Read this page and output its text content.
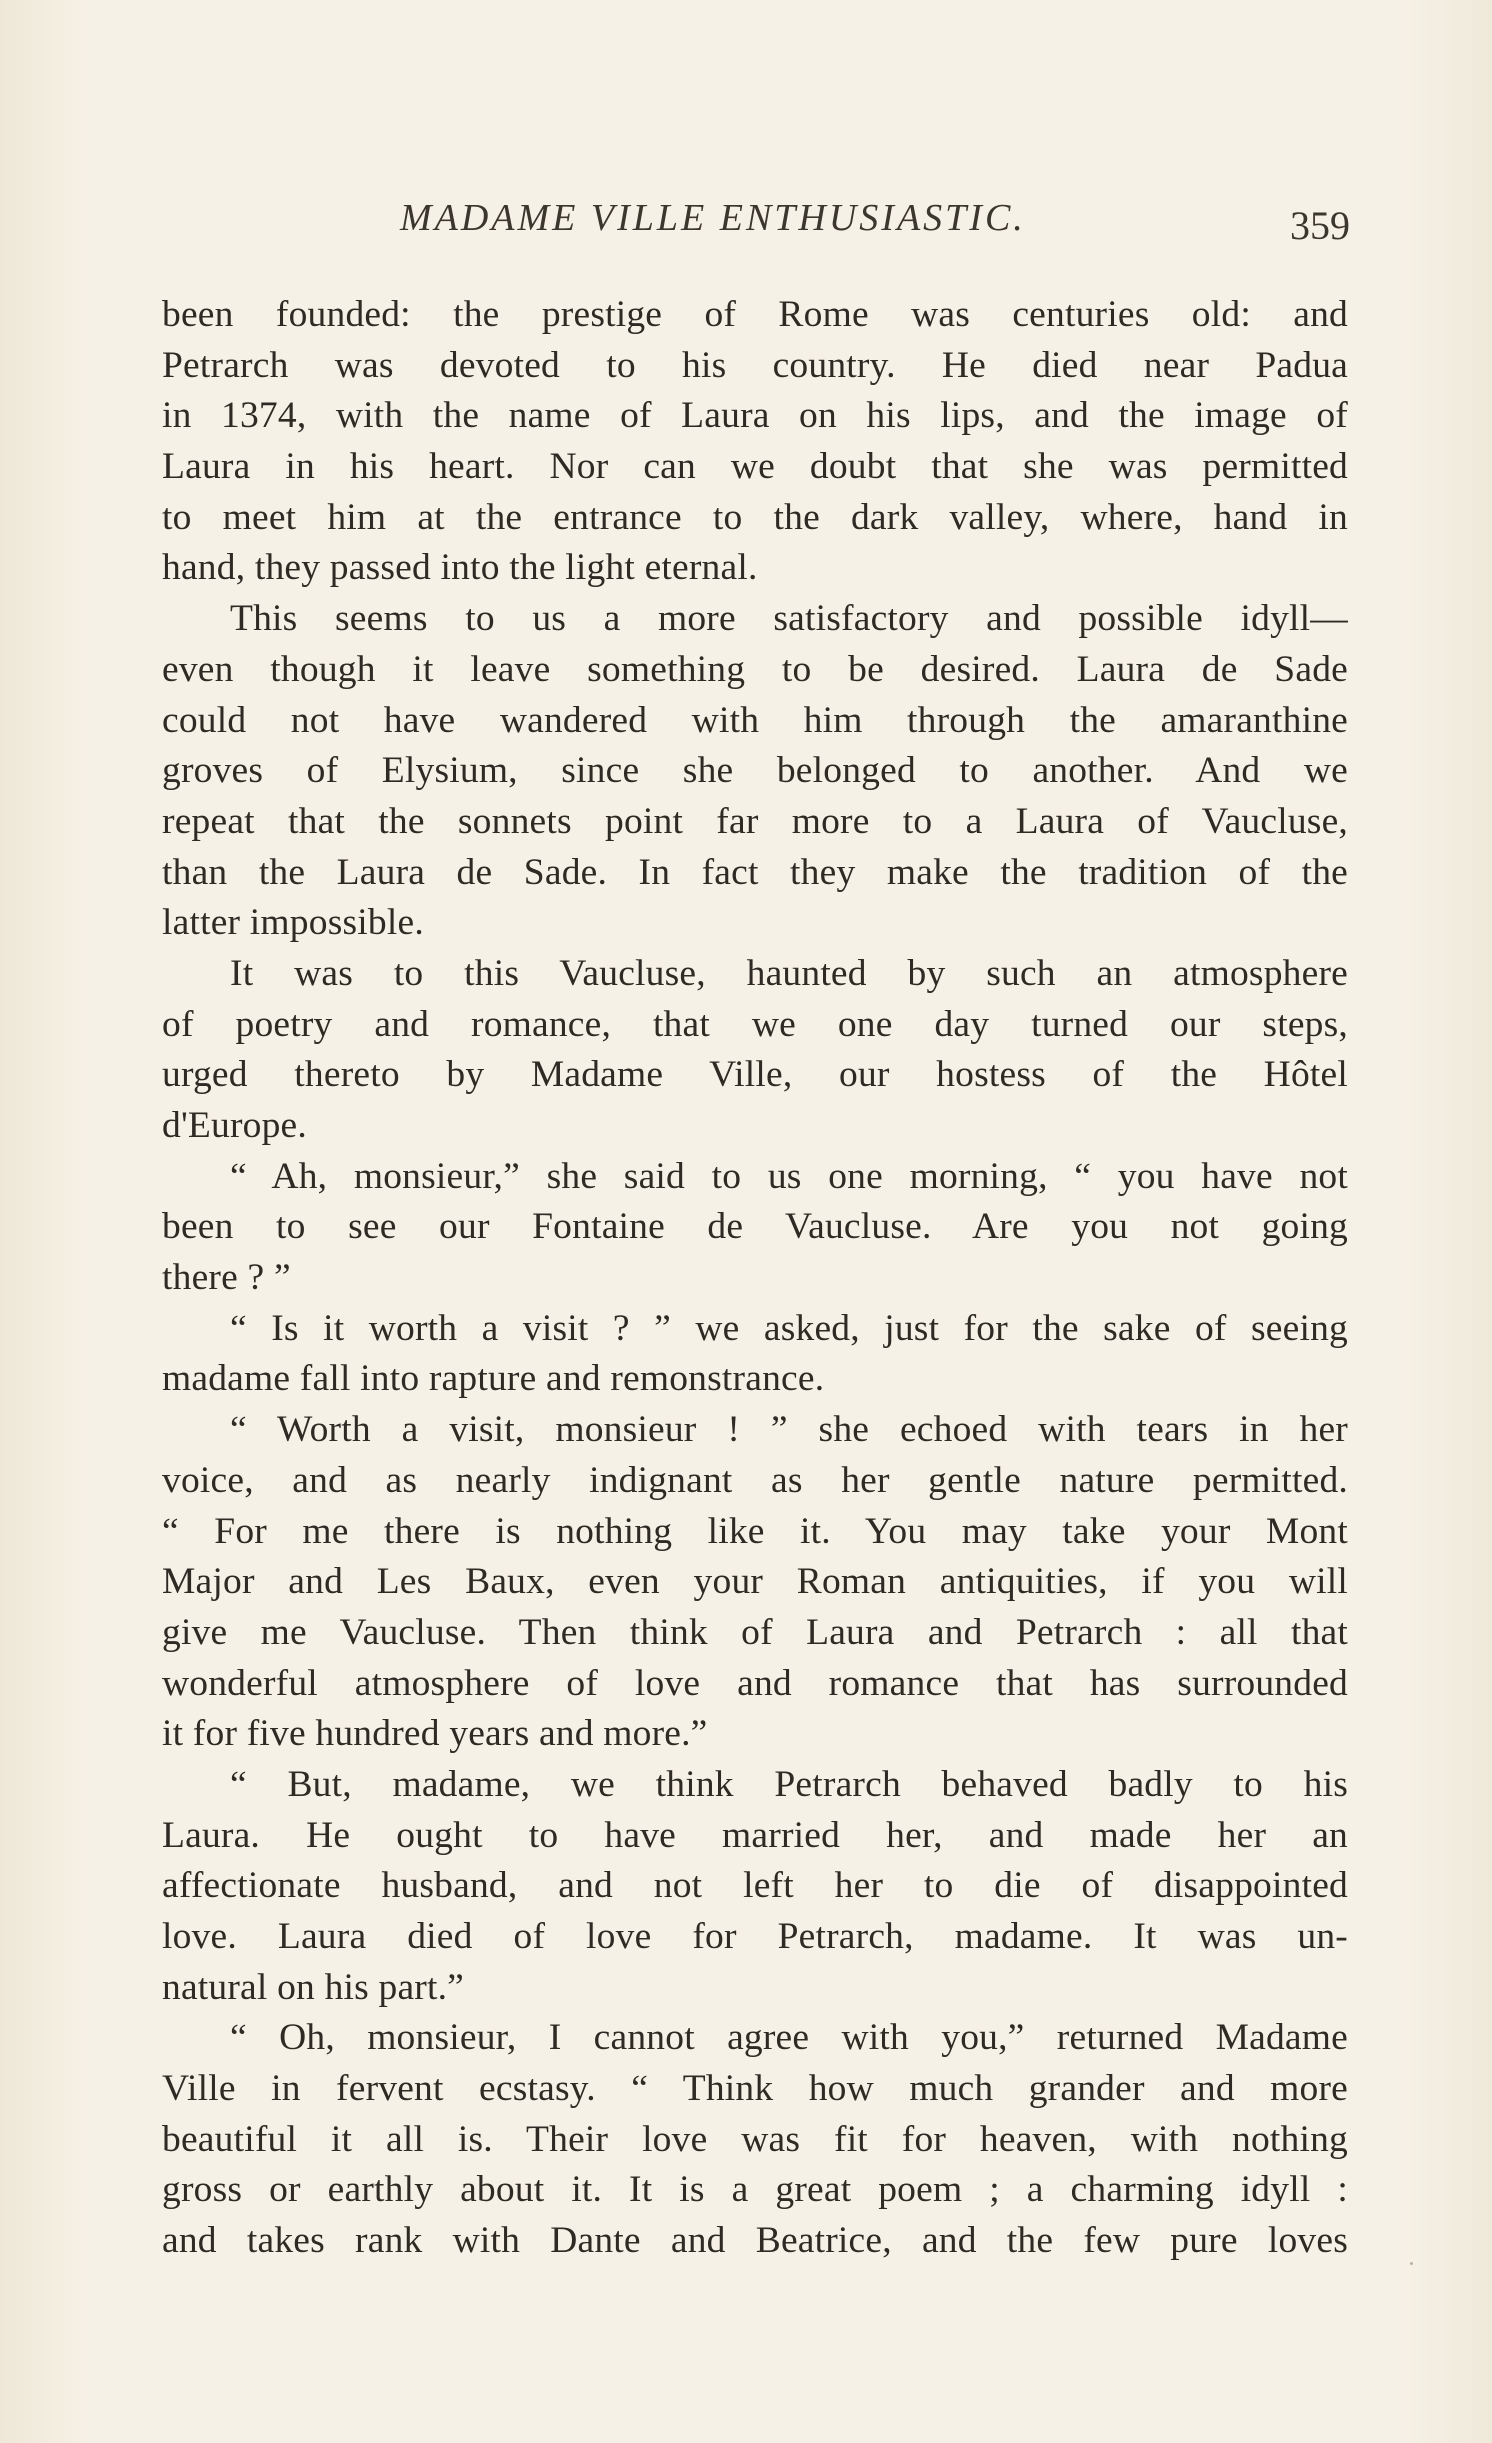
MADAME VILLE ENTHUSIASTIC.	359
been founded: the prestige of Rome was centuries old: and
Petrarch was devoted to his country. He died near Padua
in 1374, with the name of Laura on his lips, and the image of
Laura in his heart. Nor can we doubt that she was permitted
to meet him at the entrance to the dark valley, where, hand in
hand, they passed into the light eternal.
This seems to us a more satisfactory and possible idyll—
even though it leave something to be desired. Laura de Sade
could not have wandered with him through the amaranthine
groves of Elysium, since she belonged to another. And we
repeat that the sonnets point far more to a Laura of Vaucluse,
than the Laura de Sade. In fact they make the tradition of the
latter impossible.
It was to this Vaucluse, haunted by such an atmosphere
of poetry and romance, that we one day turned our steps,
urged thereto by Madame Ville, our hostess of the Hôtel
d'Europe.
“ Ah, monsieur,” she said to us one morning, “ you have not
been to see our Fontaine de Vaucluse. Are you not going
there ? ”
“ Is it worth a visit ? ” we asked, just for the sake of seeing
madame fall into rapture and remonstrance.
“ Worth a visit, monsieur ! ” she echoed with tears in her
voice, and as nearly indignant as her gentle nature permitted.
“ For me there is nothing like it. You may take your Mont
Major and Les Baux, even your Roman antiquities, if you will
give me Vaucluse. Then think of Laura and Petrarch : all that
wonderful atmosphere of love and romance that has surrounded
it for five hundred years and more.”
“ But, madame, we think Petrarch behaved badly to his
Laura. He ought to have married her, and made her an
affectionate husband, and not left her to die of disappointed
love. Laura died of love for Petrarch, madame. It was un-
natural on his part.”
“ Oh, monsieur, I cannot agree with you,” returned Madame
Ville in fervent ecstasy. “ Think how much grander and more
beautiful it all is. Their love was fit for heaven, with nothing
gross or earthly about it. It is a great poem ; a charming idyll :
and takes rank with Dante and Beatrice, and the few pure loves
